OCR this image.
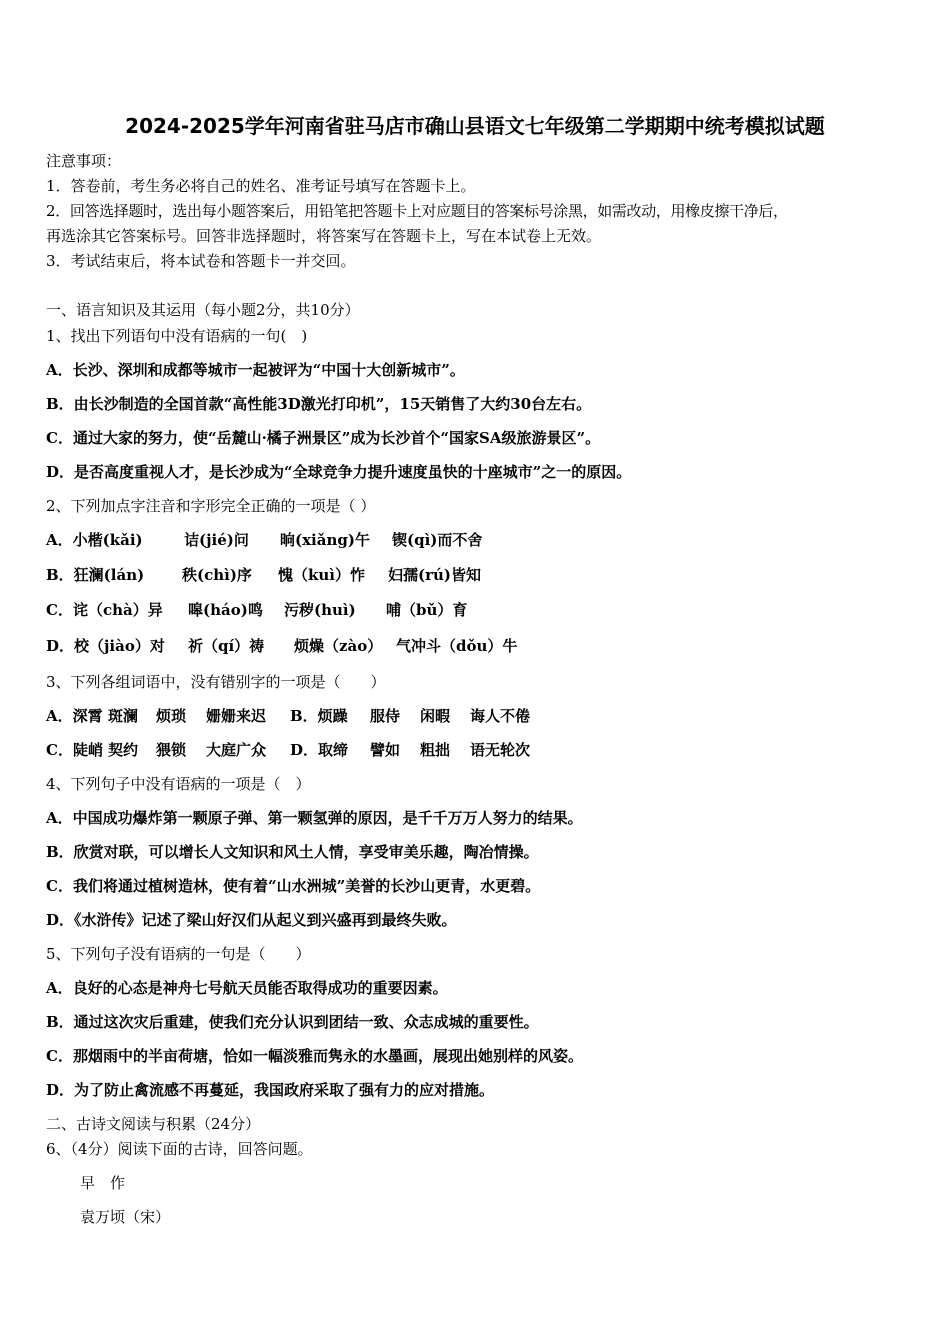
2024-2025学年河南省驻马店市确山县语文七年级第二学期期中统考模拟试题
注意事项：
1．答卷前，考生务必将自己的姓名、准考证号填写在答题卡上。
2．回答选择题时，选出每小题答案后，用铅笔把答题卡上对应题目的答案标号涂黑，如需改动，用橡皮擦干净后，
再选涂其它答案标号。回答非选择题时，将答案写在答题卡上，写在本试卷上无效。
3．考试结束后，将本试卷和答题卡一并交回。
一、语言知识及其运用（每小题2分，共10分）
1、找出下列语句中没有语病的一句(　)
A．长沙、深圳和成都等城市一起被评为“中国十大创新城市”。
B．由长沙制造的全国首款“高性能3D激光打印机”，15天销售了大约30台左右。
C．通过大家的努力，使“岳麓山·橘子洲景区”成为长沙首个“国家SA级旅游景区”。
D．是否高度重视人才，是长沙成为“全球竞争力提升速度虽快的十座城市”之一的原因。
2、下列加点字注音和字形完全正确的一项是（ ）
A．小楷(kǎi)	诘(jié)问 晌(xiǎng)午 锲(qì)而不舍
B．狂澜(lán)	秩(chì)序 愧（kuì）怍 妇孺(rú)皆知
C．诧（chà）异 嗥(háo)鸣 污秽(huì) 哺（bǔ）育
D．校（jiào）对 祈（qí）祷 烦燥（zào） 气冲斗（dǒu）牛
3、下列各组词语中，没有错别字的一项是（　　）
A．深霄 斑澜 烦琐 姗姗来迟 B．烦躁 服侍 闲暇 诲人不倦
C．陡峭 契约 猥锁 大庭广众 D．取缔 譬如 粗拙 语无轮次
4、下列句子中没有语病的一项是（　）
A．中国成功爆炸第一颗原子弹、第一颗氢弹的原因，是千千万万人努力的结果。
B．欣赏对联，可以增长人文知识和风土人情，享受审美乐趣，陶冶情操。
C．我们将通过植树造林，使有着“山水洲城”美誉的长沙山更青，水更碧。
D．《水浒传》记述了梁山好汉们从起义到兴盛再到最终失败。
5、下列句子没有语病的一句是（　　）
A．良好的心态是神舟七号航天员能否取得成功的重要因素。
B．通过这次灾后重建，使我们充分认识到团结一致、众志成城的重要性。
C．那烟雨中的半亩荷塘，恰如一幅淡雅而隽永的水墨画，展现出她别样的风姿。
D．为了防止禽流感不再蔓延，我国政府采取了强有力的应对措施。
二、古诗文阅读与积累（24分）
6、（4分）阅读下面的古诗，回答问题。
早　作
袁万顷（宋）
